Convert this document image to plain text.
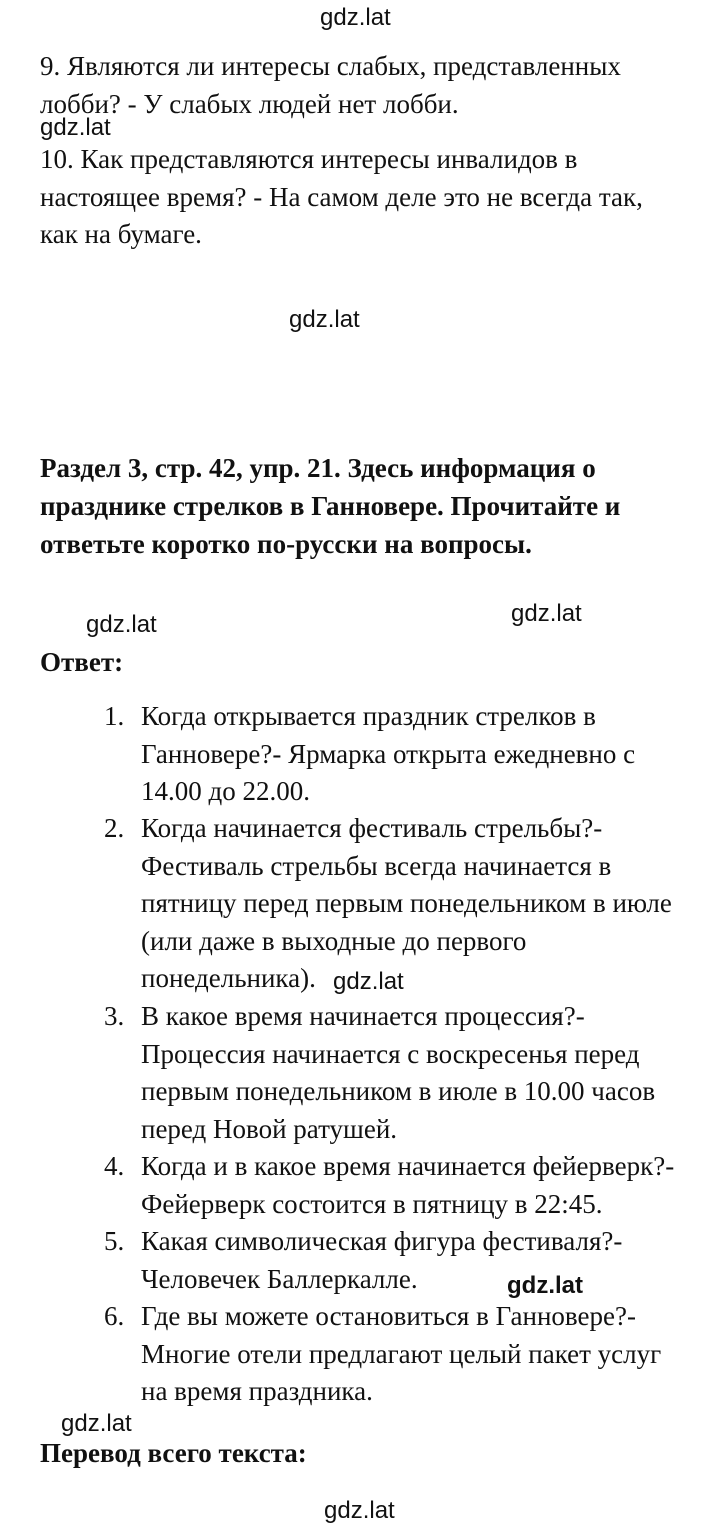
gdz.lat
gdz.lat
gdz.lat
gdz.lat	gdz.lat
gdz.lat
gdz.lat
gdz.lat
gdz.lat
9. Являются ли интересы слабых, представленных
лобби? - У слабых людей нет лобби.
10. Как представляются интересы инвалидов в
настоящее время? - На самом деле это не всегда так,
как на бумаге.
Раздел 3, стр. 42, упр. 21. Здесь информация о
празднике стрелков в Ганновере. Прочитайте и
ответьте коротко по-русски на вопросы.
Ответ:
1. Когда открывается праздник стрелков в
Ганновере?- Ярмарка открыта ежедневно с
14.00 до 22.00.
2. Когда начинается фестиваль стрельбы?-
Фестиваль стрельбы всегда начинается в
пятницу перед первым понедельником в июле
(или даже в выходные до первого
понедельника).
3. В какое время начинается процессия?-
Процессия начинается с воскресенья перед
первым понедельником в июле в 10.00 часов
перед Новой ратушей.
4. Когда и в какое время начинается фейерверк?-
Фейерверк состоится в пятницу в 22:45.
5. Какая символическая фигура фестиваля?-
Человечек Баллеркалле.
6. Где вы можете остановиться в Ганновере?-
Многие отели предлагают целый пакет услуг
на время праздника.
Перевод всего текста:
